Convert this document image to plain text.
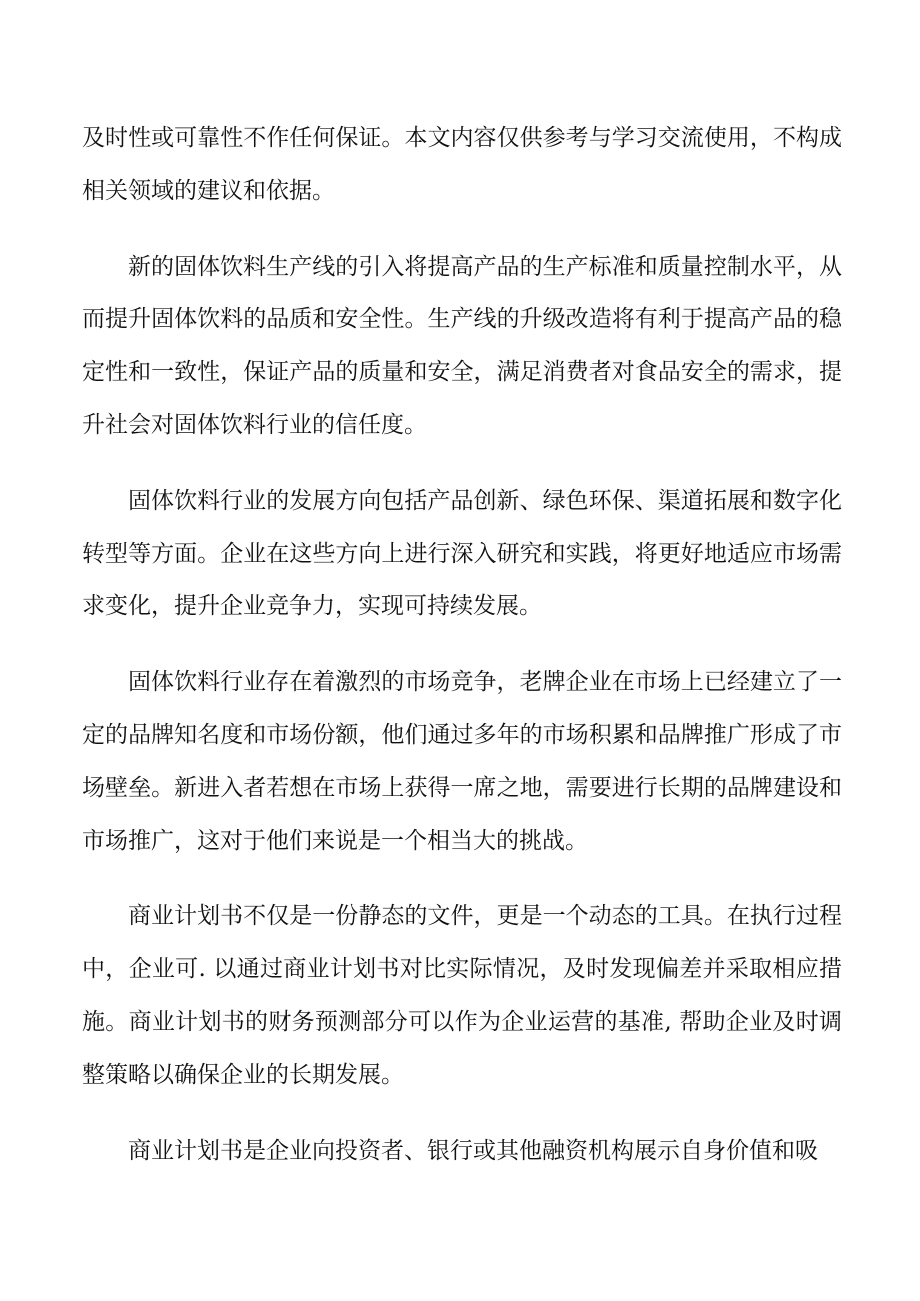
及时性或可靠性不作任何保证。本文内容仅供参考与学习交流使用，不构成相关领域的建议和依据。

新的固体饮料生产线的引入将提高产品的生产标准和质量控制水平，从而提升固体饮料的品质和安全性。生产线的升级改造将有利于提高产品的稳定性和一致性，保证产品的质量和安全，满足消费者对食品安全的需求，提升社会对固体饮料行业的信任度。

固体饮料行业的发展方向包括产品创新、绿色环保、渠道拓展和数字化转型等方面。企业在这些方向上进行深入研究和实践，将更好地适应市场需求变化，提升企业竞争力，实现可持续发展。

固体饮料行业存在着激烈的市场竞争，老牌企业在市场上已经建立了一定的品牌知名度和市场份额，他们通过多年的市场积累和品牌推广形成了市场壁垒。新进入者若想在市场上获得一席之地，需要进行长期的品牌建设和市场推广，这对于他们来说是一个相当大的挑战。

商业计划书不仅是一份静态的文件，更是一个动态的工具。在执行过程中，企业可. 以通过商业计划书对比实际情况，及时发现偏差并采取相应措施。商业计划书的财务预测部分可以作为企业运营的基准, 帮助企业及时调整策略以确保企业的长期发展。

商业计划书是企业向投资者、银行或其他融资机构展示自身价值和吸
